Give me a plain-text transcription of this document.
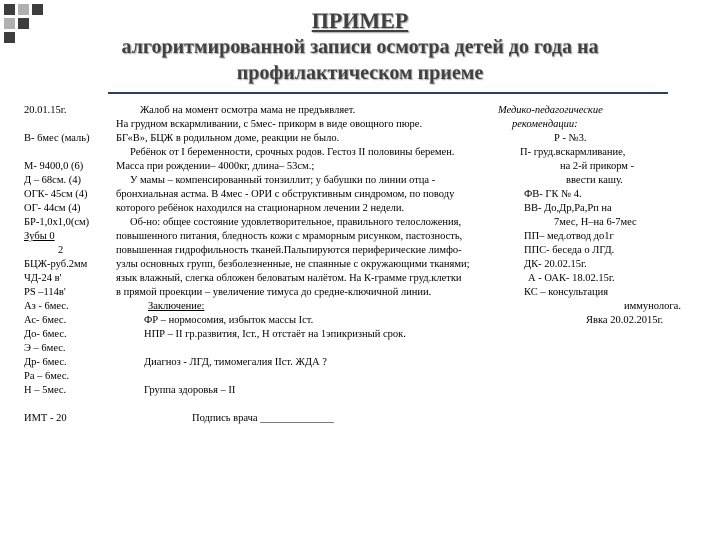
ПРИМЕР
алгоритмированной записи осмотра детей до года на
профилактическом приеме
20.01.15г.
В- 6мес (маль)
М- 9400,0 (6)
Д – 68см. (4)
ОГК- 45см (4)
ОГ- 44см (4)
БР-1,0х1,0(см)
Зубы 0
2
БЦЖ-руб.2мм
ЧД-24 в'
PS –114в'
Аз - 6мес.
Ас- 6мес.
До- 6мес.
Э – 6мес.
Др- 6мес.
Ра – 6мес.
Н – 5мес.
ИМТ - 20
Жалоб на момент осмотра мама не предъявляет.
На грудном вскармливании, с 5мес- прикорм в виде овощного пюре.
БГ«В», БЦЖ в родильном доме, реакции не было.
Ребёнок от I беременности, срочных родов. Гестоз II половины беремен.
Масса при рождении– 4000кг, длина– 53см.;
У мамы – компенсированный тонзиллит; у бабушки по линии отца -
бронхиальная астма. В 4мес - ОРИ с обструктивным синдромом, по поводу
которого ребёнок находился на стационарном лечении 2 недели.
Об-но: общее состояние удовлетворительное, правильного телосложения,
повышенного питания, бледность кожи с мраморным рисунком, пастозность,
повышенная гидрофильность тканей.Пальпируются периферические лимфо-
узлы основных групп, безболезненные, не спаянные с окружающими тканями;
язык влажный, слегка обложен беловатым налётом. На К-грамме груд.клетки
в прямой проекции – увеличение тимуса до средне-ключичной линии.
Заключение:
ФР – нормосомия, избыток массы Iст.
НПР – II гр.развития, Iст., Н отстаёт на 1эпикризный срок.
Диагноз - ЛГД, тимомегалия IIст. ЖДА ?
Группа здоровья – II
Подпись врача ______________
Медико-педагогические
рекомендации:
Р - №3.
П- груд.вскармливание,
на 2-й прикорм -
ввести кашу.
ФВ- ГК № 4.
ВВ- До,Др,Ра,Рп на
7мес, Н–на 6-7мес
ПП– мед.отвод до1г
ППС- беседа о ЛГД.
ДК- 20.02.15г.
А - ОАК- 18.02.15г.
КС – консультация
иммунолога.
Явка 20.02.2015г.
